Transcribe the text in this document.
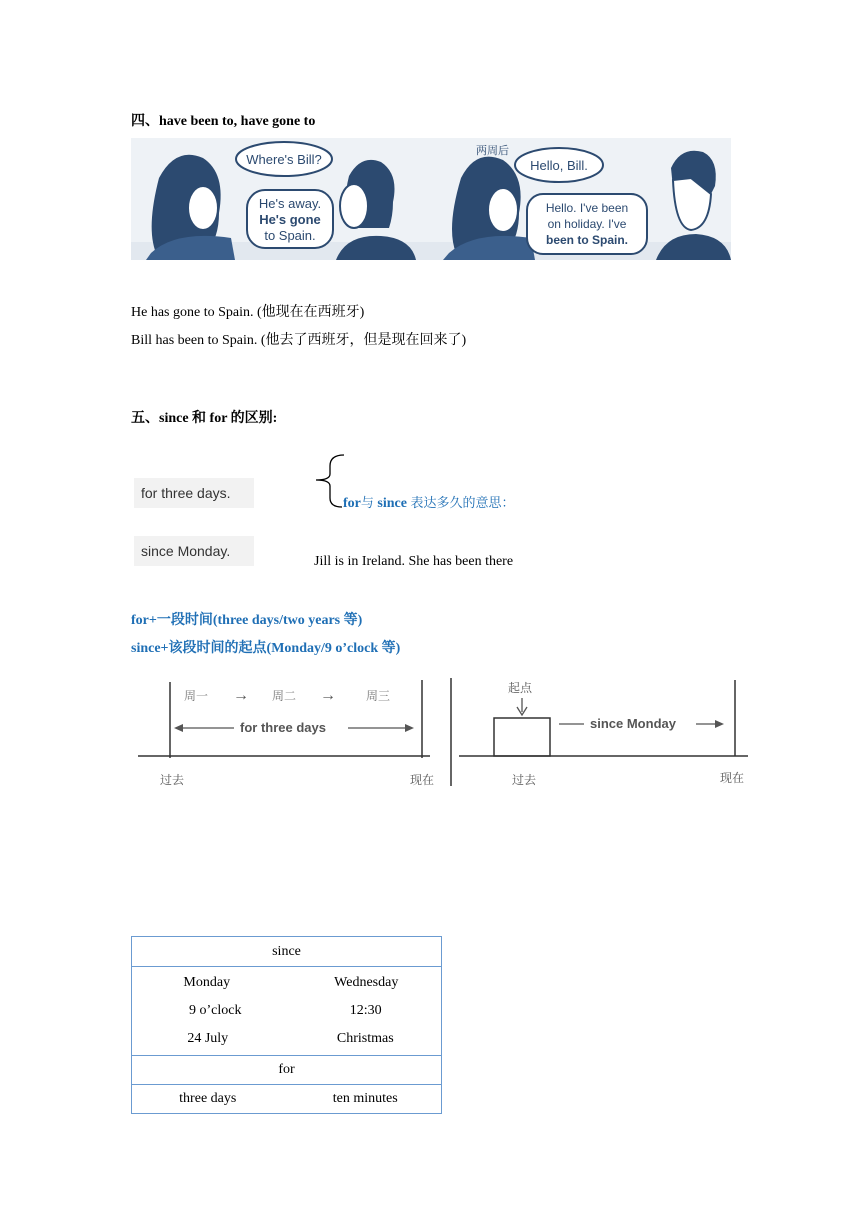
四、have been to, have gone to
Where's Bill?
He's away.
He's gone
to Spain.
两周后
Hello, Bill.
Hello. I've been
on holiday. I've
been to Spain.
He has gone to Spain. (他现在在西班牙)
Bill has been to Spain. (他去了西班牙，但是现在回来了)
五、since 和 for 的区别:
for three days.
since Monday.
for与 since 表达多久的意思：
Jill is in Ireland. She has been there
for+一段时间(three days/two years 等)
since+该段时间的起点(Monday/9 o’clock 等)
周一 → 周二 →	周三
for three days
过去	现在
起点
since Monday
过去	现在
since

Monday	Wednesday
9 o’clock	12:30
24 July	Christmas

for

three days	ten minutes
